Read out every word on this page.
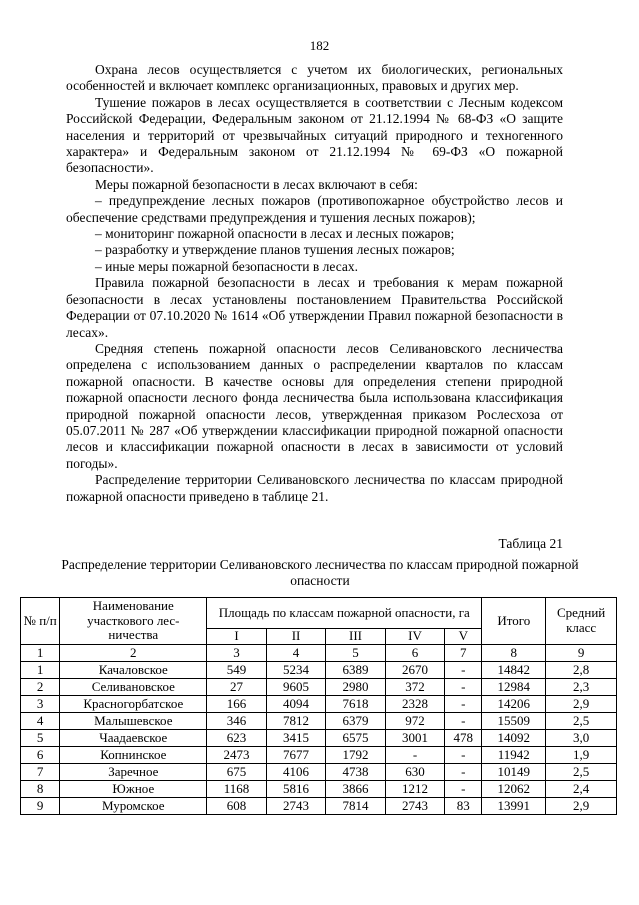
182

Охрана лесов осуществляется с учетом их биологических, региональных особенностей и включает комплекс организационных, правовых и других мер.

Тушение пожаров в лесах осуществляется в соответствии с Лесным кодексом Российской Федерации, Федеральным законом от 21.12.1994 № 68-ФЗ «О защите населения и территорий от чрезвычайных ситуаций природного и техногенного характера» и Федеральным законом от 21.12.1994 № 69-ФЗ «О пожарной безопасности».

Меры пожарной безопасности в лесах включают в себя:

– предупреждение лесных пожаров (противопожарное обустройство лесов и обеспечение средствами предупреждения и тушения лесных пожаров);

– мониторинг пожарной опасности в лесах и лесных пожаров;

– разработку и утверждение планов тушения лесных пожаров;

– иные меры пожарной безопасности в лесах.

Правила пожарной безопасности в лесах и требования к мерам пожарной безопасности в лесах установлены постановлением Правительства Российской Федерации от 07.10.2020 № 1614 «Об утверждении Правил пожарной безопасности в лесах».

Средняя степень пожарной опасности лесов Селивановского лесничества определена с использованием данных о распределении кварталов по классам пожарной опасности. В качестве основы для определения степени природной пожарной опасности лесного фонда лесничества была использована классификация природной пожарной опасности лесов, утвержденная приказом Рослесхоза от 05.07.2011 № 287 «Об утверждении классификации природной пожарной опасности лесов и классификации пожарной опасности в лесах в зависимости от условий погоды».

Распределение территории Селивановского лесничества по классам природной пожарной опасности приведено в таблице 21.

Таблица 21
Распределение территории Селивановского лесничества по классам природной пожарной опасности
№ п/п	Наименование участкового лес-ничества	Площадь по классам пожарной опасности, га					Итого	Средний класс
		I	II	III	IV	V		
1	2	3	4	5	6	7	8	9
1	Качаловское	549	5234	6389	2670	-	14842	2,8
2	Селивановское	27	9605	2980	372	-	12984	2,3
3	Красногорбатское	166	4094	7618	2328	-	14206	2,9
4	Малышевское	346	7812	6379	972	-	15509	2,5
5	Чаадаевское	623	3415	6575	3001	478	14092	3,0
6	Копнинское	2473	7677	1792	-	-	11942	1,9
7	Заречное	675	4106	4738	630	-	10149	2,5
8	Южное	1168	5816	3866	1212	-	12062	2,4
9	Муромское	608	2743	7814	2743	83	13991	2,9
